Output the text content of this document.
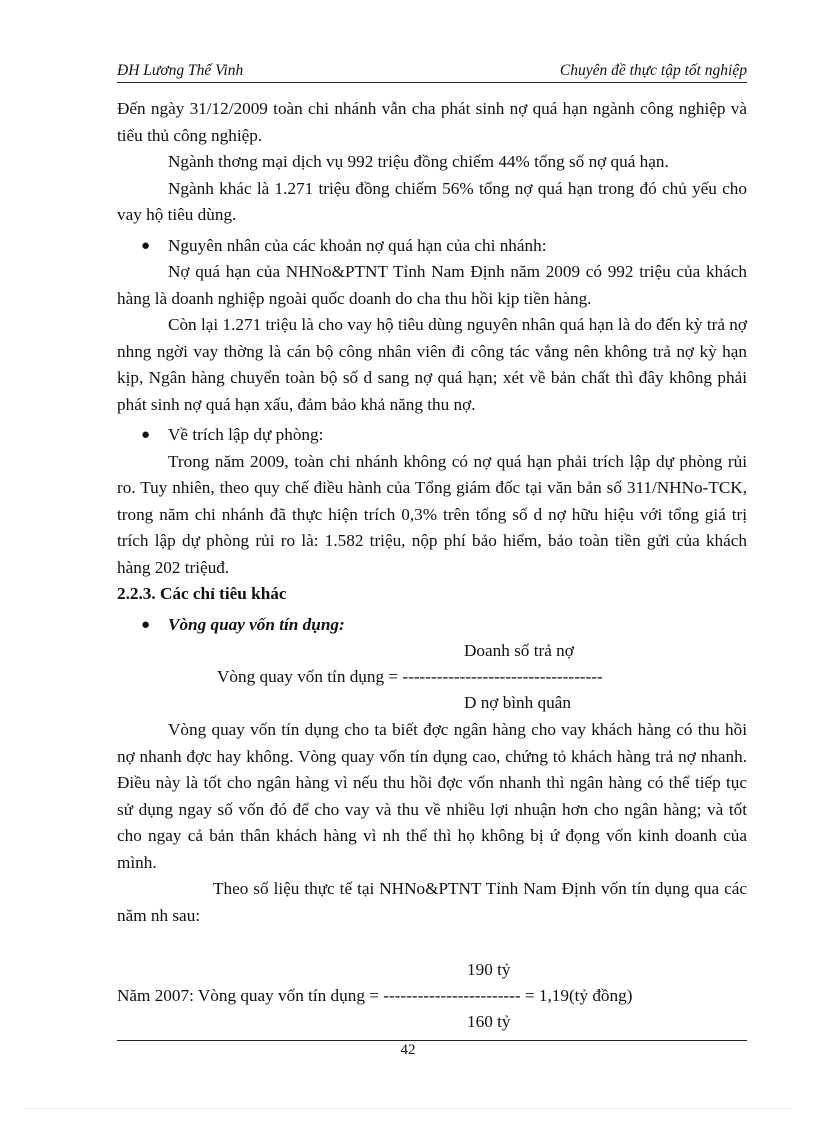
ĐH Lương Thế Vinh	Chuyên đề thực tập tốt nghiệp

Đến ngày 31/12/2009 toàn chi nhánh vẫn cha phát sinh nợ quá hạn ngành công nghiệp và tiểu thủ công nghiệp.

Ngành thơng mại dịch vụ 992 triệu đồng chiếm 44% tổng số nợ quá hạn.

Ngành khác là 1.271 triệu đồng chiếm 56% tổng nợ quá hạn trong đó chủ yếu cho vay hộ tiêu dùng.

● Nguyên nhân của các khoản nợ quá hạn của chi nhánh:

Nợ quá hạn của NHNo&PTNT Tỉnh Nam Định năm 2009 có 992 triệu của khách hàng là doanh nghiệp ngoài quốc doanh do cha thu hồi kịp tiền hàng.

Còn lại 1.271 triệu là cho vay hộ tiêu dùng nguyên nhân quá hạn là do đến kỳ trả nợ nhng ngời vay thờng là cán bộ công nhân viên đi công tác vắng nên không trả nợ kỳ hạn kịp, Ngân hàng chuyển toàn bộ số d sang nợ quá hạn; xét về bản chất thì đây không phải phát sinh nợ quá hạn xấu, đảm bảo khả năng thu nợ.

● Về trích lập dự phòng:

Trong năm 2009, toàn chi nhánh không có nợ quá hạn phải trích lập dự phòng rủi ro. Tuy nhiên, theo quy chế điều hành của Tổng giám đốc tại văn bản số 311/NHNo-TCK, trong năm chi nhánh đã thực hiện trích 0,3% trên tổng số d nợ hữu hiệu với tổng giá trị trích lập dự phòng rủi ro là: 1.582 triệu, nộp phí bảo hiểm, bảo toàn tiền gửi của khách hàng 202 triệuđ.

2.2.3. Các chỉ tiêu khác

● Vòng quay vốn tín dụng:
Doanh số trả nợ
Vòng quay vốn tín dụng = -----------------------------------
D nợ bình quân

Vòng quay vốn tín dụng cho ta biết đợc ngân hàng cho vay khách hàng có thu hồi nợ nhanh đợc hay không. Vòng quay vốn tín dụng cao, chứng tỏ khách hàng trả nợ nhanh. Điều này là tốt cho ngân hàng vì nếu thu hồi đợc vốn nhanh thì ngân hàng có thể tiếp tục sử dụng ngay số vốn đó để cho vay và thu về nhiều lợi nhuận hơn cho ngân hàng; và tốt cho ngay cả bản thân khách hàng vì nh thế thì họ không bị ứ đọng vốn kinh doanh của mình.

Theo số liệu thực tế tại NHNo&PTNT Tỉnh Nam Định vốn tín dụng qua các năm nh sau:

190 tỷ
Năm 2007: Vòng quay vốn tín dụng = ------------------------ = 1,19(tỷ đồng)
160 tỷ
42
